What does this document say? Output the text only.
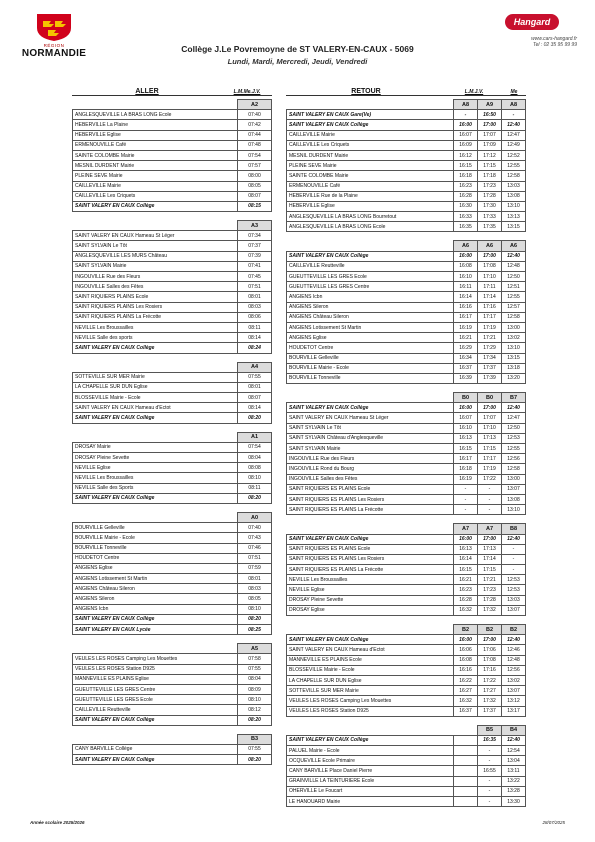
RÉGION
NORMANDIE
Hangard
www.cars-hangard.fr
Tel : 02 35 95 99 99
Collège J.Le Povremoyne de ST VALERY-EN-CAUX - 5069
Lundi, Mardi, Mercredi, Jeudi, Vendredi
ALLER	L.M.Me.J.V.
	A2
ANGLESQUEVILLE LA BRAS LONG Ecole	07:40
HEBERVILLE La Plaine	07:42
HEBERVILLE Eglise	07:44
ERMENOUVILLE Café	07:48
SAINTE COLOMBE Mairie	07:54
MESNIL DURDENT Mairie	07:57
PLEINE SEVE Mairie	08:00
CAILLEVILLE Mairie	08:05
CAILLEVILLE Les Criquets	08:07
SAINT VALERY EN CAUX Collège	08:15
	A3
SAINT VALERY EN CAUX Hameau St Léger	07:34
SAINT SYLVAIN Le Tôt	07:37
ANGLESQUEVILLE LES MURS Château	07:39
SAINT SYLVAIN Mairie	07:41
INGOUVILLE Rue des Fleurs	07:45
INGOUVILLE Salles des Fêtes	07:51
SAINT RIQUIERS PLAINS Ecole	08:01
SAINT RIQUIERS PLAINS Les Rosiers	08:03
SAINT RIQUIERS PLAINS La Frécotte	08:06
NEVILLE Les Broussailles	08:11
NEVILLE Salle des sports	08:14
SAINT VALERY EN CAUX Collège	08:24
	A4
SOTTEVILLE SUR MER Mairie	07:55
LA CHAPELLE SUR DUN Eglise	08:01
BLOSSEVILLE Mairie - Ecole	08:07
SAINT VALERY EN CAUX Hameau d'Ectot	08:14
SAINT VALERY EN CAUX Collège	08:20
	A1
DROSAY Mairie	07:54
DROSAY Pleine Sevette	08:04
NEVILLE Eglise	08:08
NEVILLE Les Broussailles	08:10
NEVILLE Salle des Sports	08:11
SAINT VALERY EN CAUX Collège	08:20
	A0
BOURVILLE Gelleville	07:40
BOURVILLE Mairie - Ecole	07:43
BOURVILLE Tonneville	07:46
HOUDETOT Centre	07:51
ANGIENS Eglise	07:59
ANGIENS Lotissement St Martin	08:01
ANGIENS Château Sileron	08:03
ANGIENS Sileron	08:05
ANGIENS Icbn	08:10
SAINT VALERY EN CAUX Collège	08:20
SAINT VALERY EN CAUX Lycée	08:25
	A5
VEULES LES ROSES Camping Les Mouettes	07:58
VEULES LES ROSES Station D925	07:55
MANNEVILLE ES PLAINS Eglise	08:04
GUEUTTEVILLE LES GRES Centre	08:09
GUEUTTEVILLE LES GRES Ecole	08:10
CAILLEVILLE Reutteville	08:12
SAINT VALERY EN CAUX Collège	08:20
	B3
CANY BARVILLE Collège	07:55
SAINT VALERY EN CAUX Collège	08:20
RETOUR	L.M.J.V.	Me
	A8	A9	A8
SAINT VALERY EN CAUX Gare(Ve)	-	16:50	-
SAINT VALERY EN CAUX Collège	16:00	17:00	12:40
CAILLEVILLE Mairie	16:07	17:07	12:47
CAILLEVILLE Les Criquets	16:09	17:09	12:49
MESNIL DURDENT Mairie	16:12	17:12	12:52
PLEINE SEVE Mairie	16:15	17:15	12:55
SAINTE COLOMBE Mairie	16:18	17:18	12:58
ERMENOUVILLE Café	16:23	17:23	13:03
HEBERVILLE Rue de la Plaine	16:28	17:28	13:08
HEBERVILLE Eglise	16:30	17:30	13:10
ANGLESQUEVILLE LA BRAS LONG Bourretout	16:33	17:33	13:13
ANGLESQUEVILLE LA BRAS LONG Ecole	16:35	17:35	13:15
	A6	A6	A6
SAINT VALERY EN CAUX Collège	16:00	17:00	12:40
CAILLEVILLE Reutteville	16:08	17:08	12:48
GUEUTTEVILLE LES GRES Ecole	16:10	17:10	12:50
GUEUTTEVILLE LES GRES Centre	16:11	17:11	12:51
ANGIENS Icbn	16:14	17:14	12:55
ANGIENS Sileron	16:16	17:16	12:57
ANGIENS Château Sileron	16:17	17:17	12:58
ANGIENS Lotissement St Martin	16:19	17:19	13:00
ANGIENS Eglise	16:21	17:21	13:02
HOUDETOT Centre	16:29	17:29	13:10
BOURVILLE Gelleville	16:34	17:34	13:15
BOURVILLE Mairie - Ecole	16:37	17:37	13:18
BOURVILLE Tonneville	16:39	17:39	13:20
	B0	B0	B7
SAINT VALERY EN CAUX Collège	16:00	17:00	12:40
SAINT VALERY EN CAUX Hameau St Léger	16:07	17:07	12:47
SAINT SYLVAIN Le Tôt	16:10	17:10	12:50
SAINT SYLVAIN Château d'Anglesqueville	16:13	17:13	12:53
SAINT SYLVAIN Mairie	16:15	17:15	12:55
INGOUVILLE Rue des Fleurs	16:17	17:17	12:56
INGOUVILLE Rond du Bourg	16:18	17:19	12:58
INGOUVILLE Salles des Fêtes	16:19	17:22	13:00
SAINT RIQUIERS ES PLAINS Ecole	-	-	13:07
SAINT RIQUIERS ES PLAINS Les Rosiers	-	-	13:08
SAINT RIQUIERS ES PLAINS La Frécotte	-	-	13:10
	A7	A7	B8
SAINT VALERY EN CAUX Collège	16:00	17:00	12:40
SAINT RIQUIERS ES PLAINS Ecole	16:13	17:13	-
SAINT RIQUIERS ES PLAINS Les Rosiers	16:14	17:14	-
SAINT RIQUIERS ES PLAINS La Frécotte	16:15	17:15	-
NEVILLE Les Broussailles	16:21	17:21	12:53
NEVILLE Eglise	16:23	17:23	12:53
DROSAY Pleine Sevette	16:28	17:28	13:03
DROSAY Eglise	16:32	17:32	13:07
	B2	B2	B2
SAINT VALERY EN CAUX Collège	16:00	17:00	12:40
SAINT VALERY EN CAUX Hameau d'Ectot	16:06	17:06	12:46
MANNEVILLE ES PLAINS Ecole	16:08	17:08	12:48
BLOSSEVILLE Mairie - Ecole	16:16	17:16	12:56
LA CHAPELLE SUR DUN Eglise	16:22	17:22	13:02
SOTTEVILLE SUR MER Mairie	16:27	17:27	13:07
VEULES LES ROSES Camping Les Mouettes	16:32	17:32	13:12
VEULES LES ROSES Station D925	16:37	17:37	13:17
		B5	B4
SAINT VALERY EN CAUX Collège		16:35	12:40
PALUEL Mairie - Ecole		-	12:54
OCQUEVILLE Ecole Primaire		-	13:04
CANY BARVILLE Place Daniel Pierre		16:55	13:11
GRAINVILLE LA TEINTURIERE Ecole		-	13:22
OHERVILLE Le Foucart		-	13:28
LE HANOUARD Mairie		-	13:30
Année scolaire 2025/2026	28/07/2025
